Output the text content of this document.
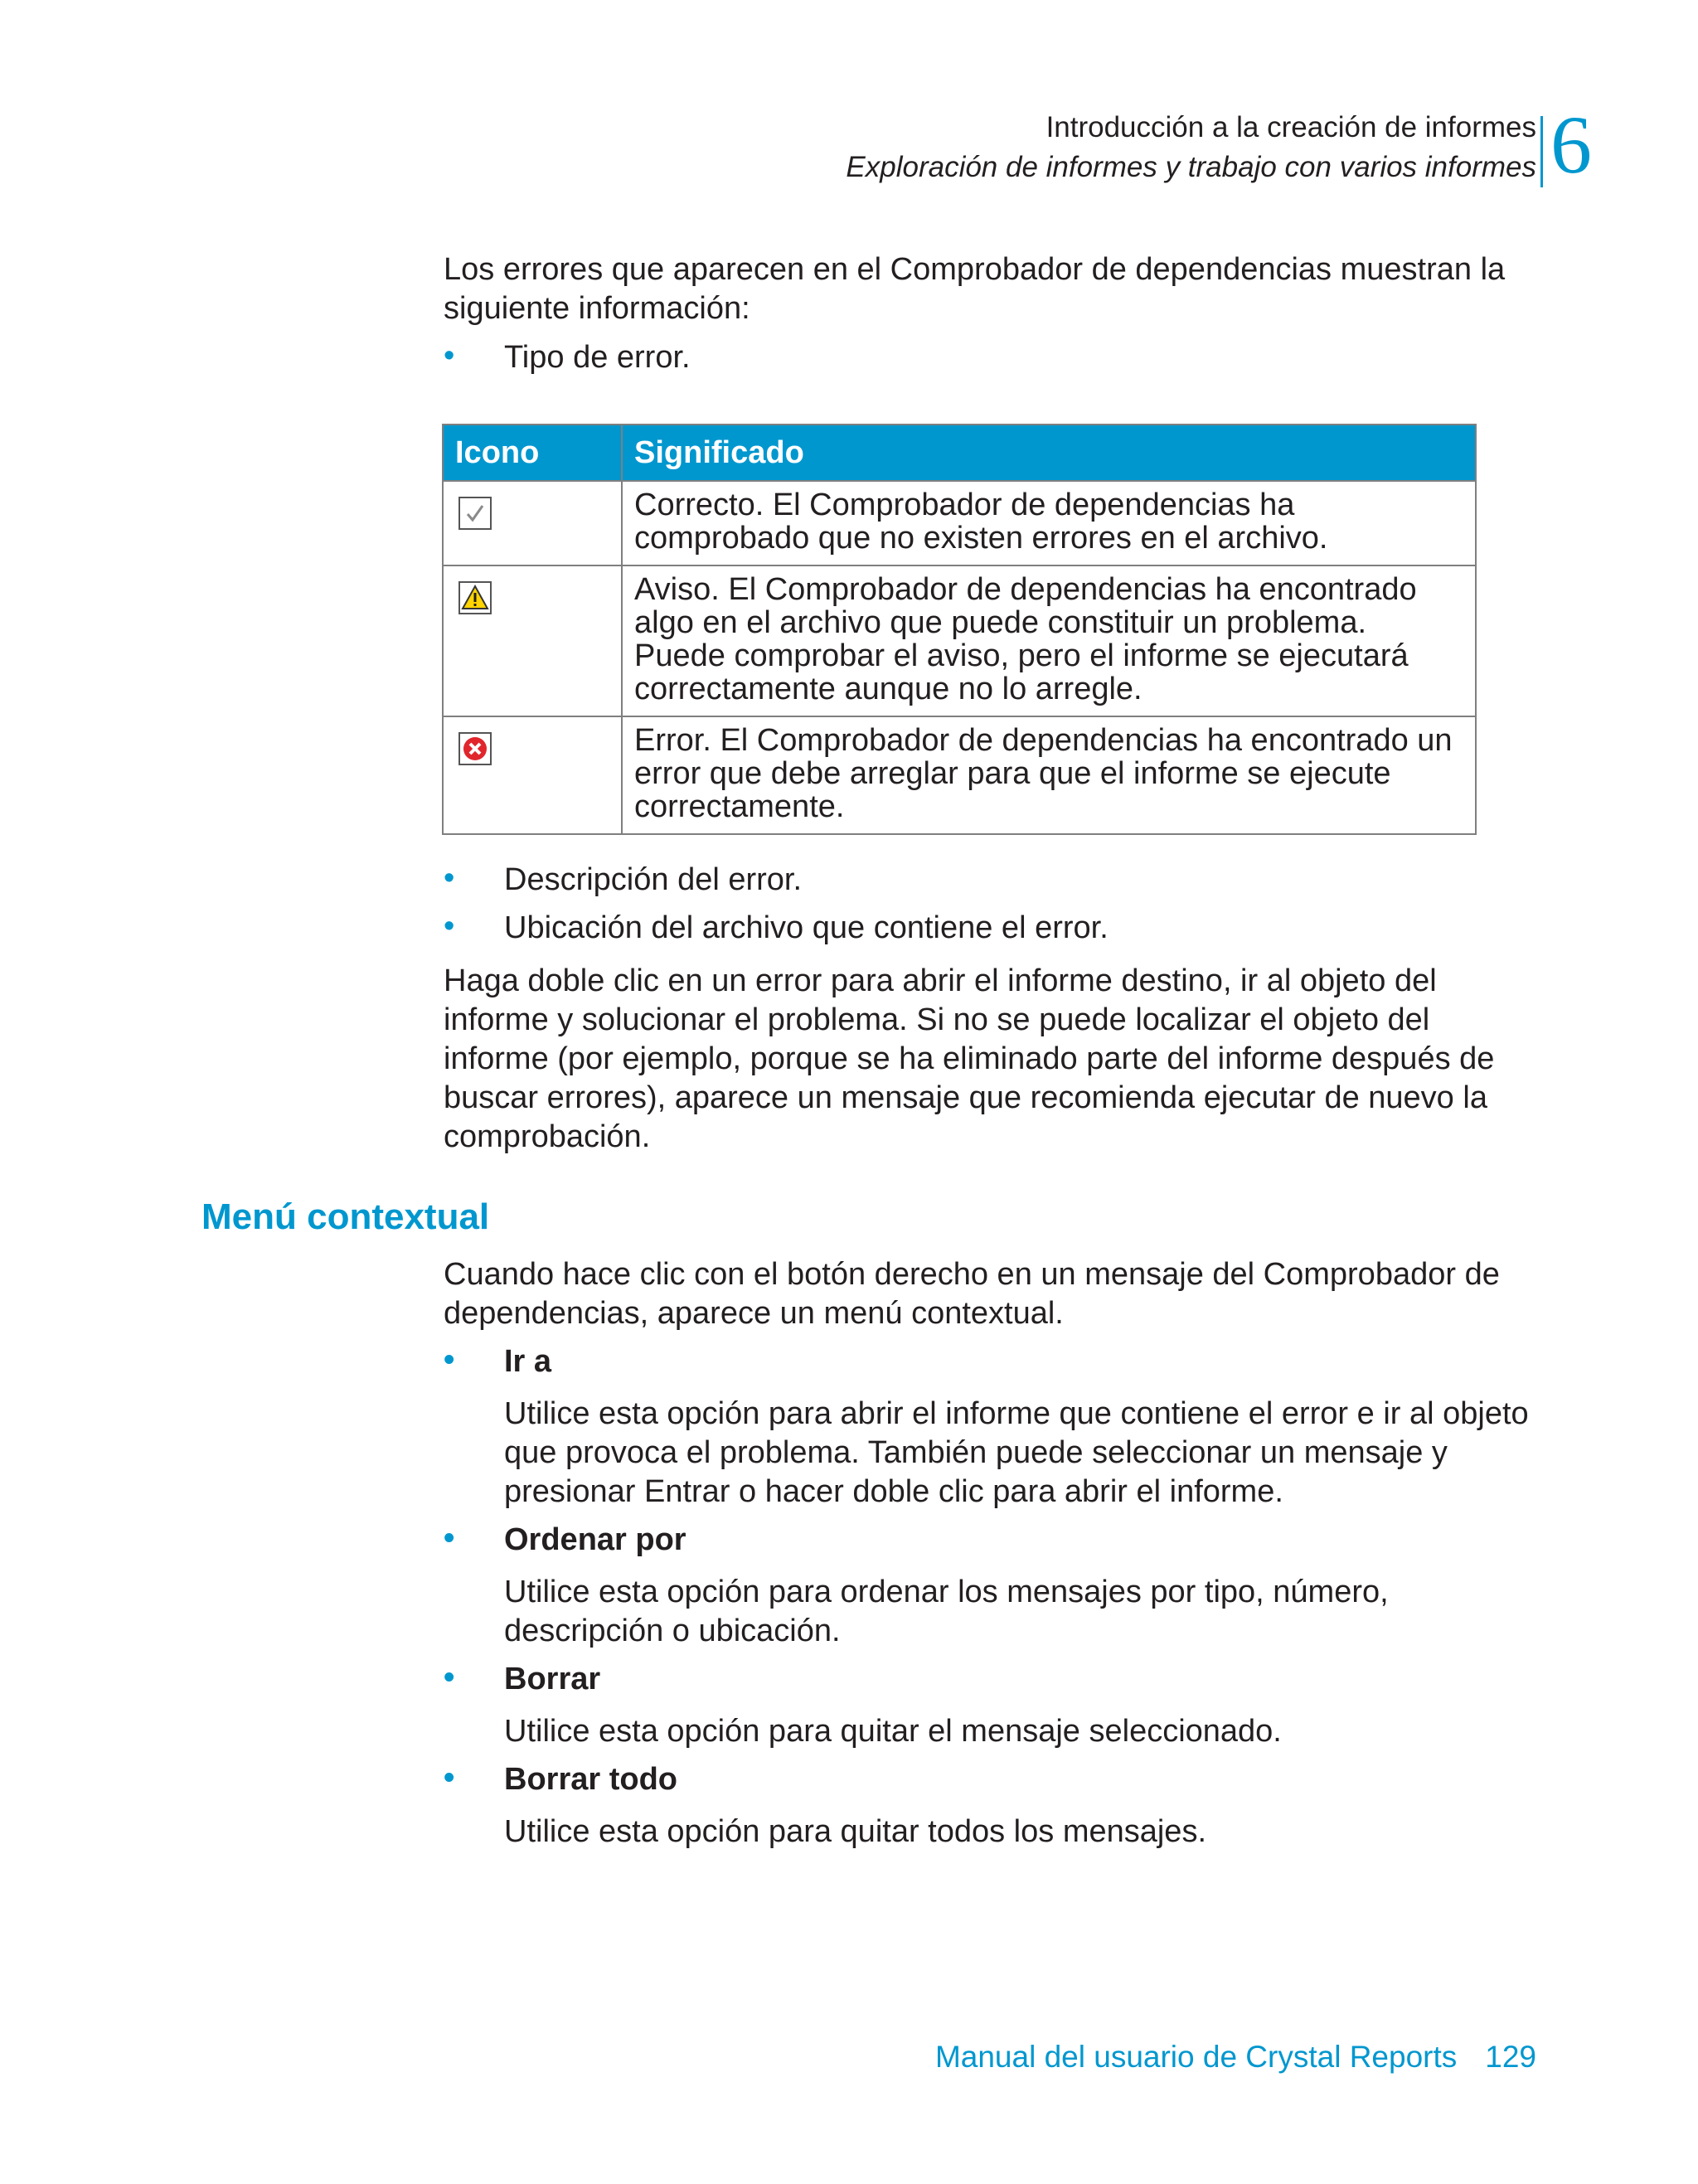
Introducción a la creación de informes
Exploración de informes y trabajo con varios informes 6

Los errores que aparecen en el Comprobador de dependencias muestran la siguiente información:

• Tipo de error.
Icono	Significado
	Correcto. El Comprobador de dependencias ha comprobado que no existen errores en el archivo.
	Aviso. El Comprobador de dependencias ha encontrado algo en el archivo que puede constituir un problema. Puede comprobar el aviso, pero el informe se ejecutará correctamente aunque no lo arregle.
	Error. El Comprobador de dependencias ha encontrado un error que debe arreglar para que el informe se ejecute correctamente.
• Descripción del error.
• Ubicación del archivo que contiene el error.

Haga doble clic en un error para abrir el informe destino, ir al objeto del informe y solucionar el problema. Si no se puede localizar el objeto del informe (por ejemplo, porque se ha eliminado parte del informe después de buscar errores), aparece un mensaje que recomienda ejecutar de nuevo la comprobación.

Menú contextual

Cuando hace clic con el botón derecho en un mensaje del Comprobador de dependencias, aparece un menú contextual.

• Ir a

Utilice esta opción para abrir el informe que contiene el error e ir al objeto que provoca el problema. También puede seleccionar un mensaje y presionar Entrar o hacer doble clic para abrir el informe.

• Ordenar por

Utilice esta opción para ordenar los mensajes por tipo, número, descripción o ubicación.

• Borrar

Utilice esta opción para quitar el mensaje seleccionado.

• Borrar todo

Utilice esta opción para quitar todos los mensajes.

Manual del usuario de Crystal Reports 129
